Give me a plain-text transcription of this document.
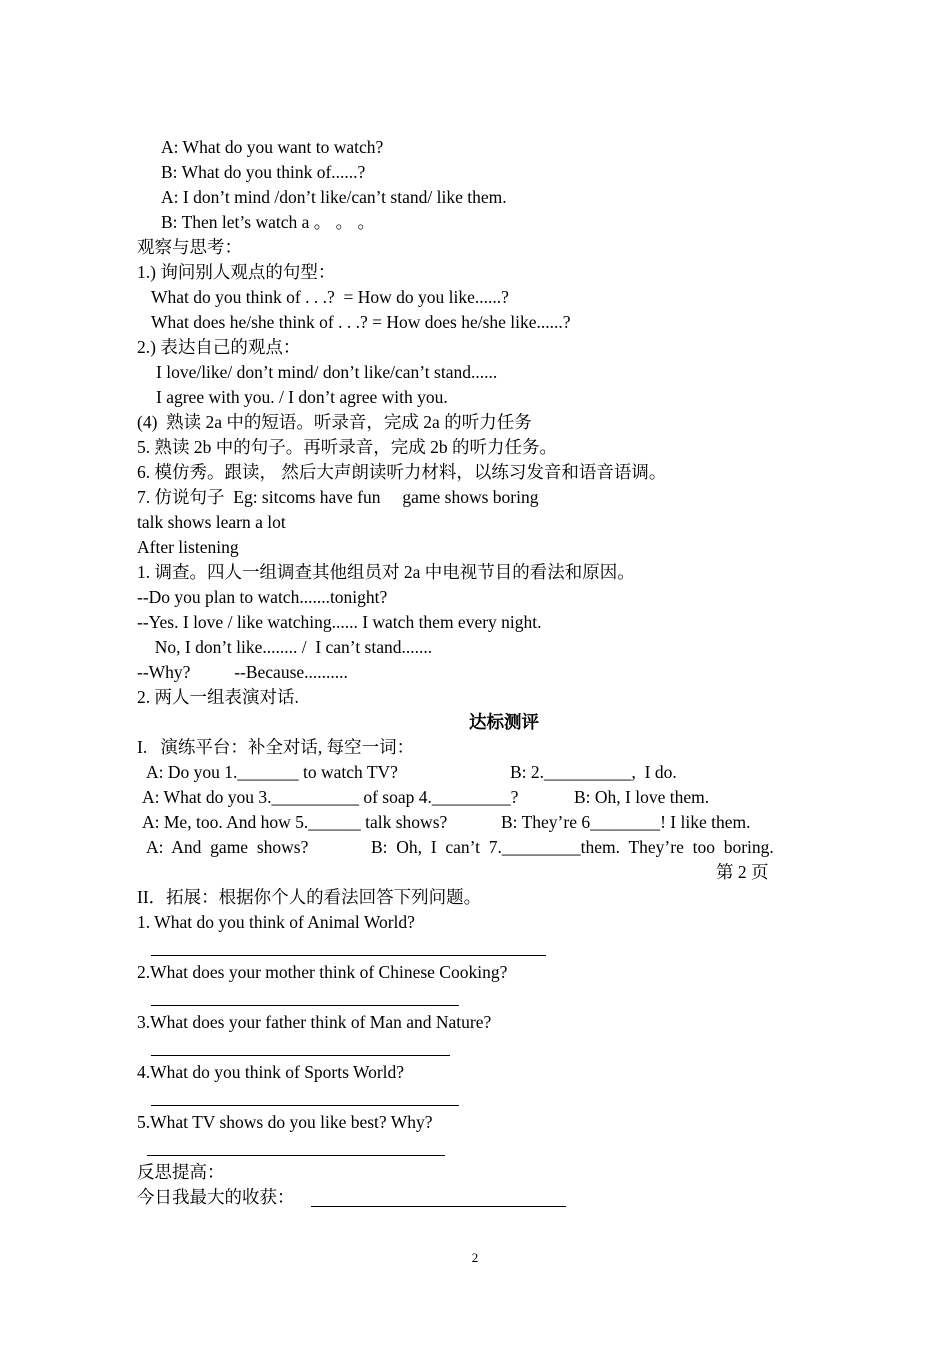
A: What do you want to watch?
B: What do you think of......?
A: I don’t mind /don’t like/can’t stand/ like them.
B: Then let’s watch a 。 。 。
观察与思考：
1.) 询问别人观点的句型：
What do you think of . . .?  = How do you like......?
What does he/she think of . . .? = How does he/she like......?
2.) 表达自己的观点：
I love/like/ don’t mind/ don’t like/can’t stand......
I agree with you. / I don’t agree with you.
(4)  熟读 2a 中的短语。听录音，完成 2a 的听力任务
5. 熟读 2b 中的句子。再听录音，完成 2b 的听力任务。
6. 模仿秀。跟读， 然后大声朗读听力材料，以练习发音和语音语调。
7. 仿说句子  Eg: sitcoms have fun     game shows boring
talk shows learn a lot
After listening
1. 调查。四人一组调查其他组员对 2a 中电视节目的看法和原因。
--Do you plan to watch.......tonight?
--Yes. I love / like watching...... I watch them every night.
No, I don’t like........ /  I can’t stand.......
--Why?          --Because..........
2. 两人一组表演对话.
达标测评
I.   演练平台：补全对话, 每空一词：
A: Do you 1._______ to watch TV?	B: 2.__________,  I do.
A: What do you 3.__________ of soap 4._________?	B: Oh, I love them.
A: Me, too. And how 5.______ talk shows?	B: They’re 6________! I like them.
A:  And  game  shows?	B:  Oh,  I  can’t  7._________them.  They’re  too  boring.
第 2 页
II．拓展：根据你个人的看法回答下列问题。
1. What do you think of Animal World?
2.What does your mother think of Chinese Cooking?
3.What does your father think of Man and Nature?
4.What do you think of Sports World?
5.What TV shows do you like best? Why?
反思提高：
今日我最大的收获：
2
